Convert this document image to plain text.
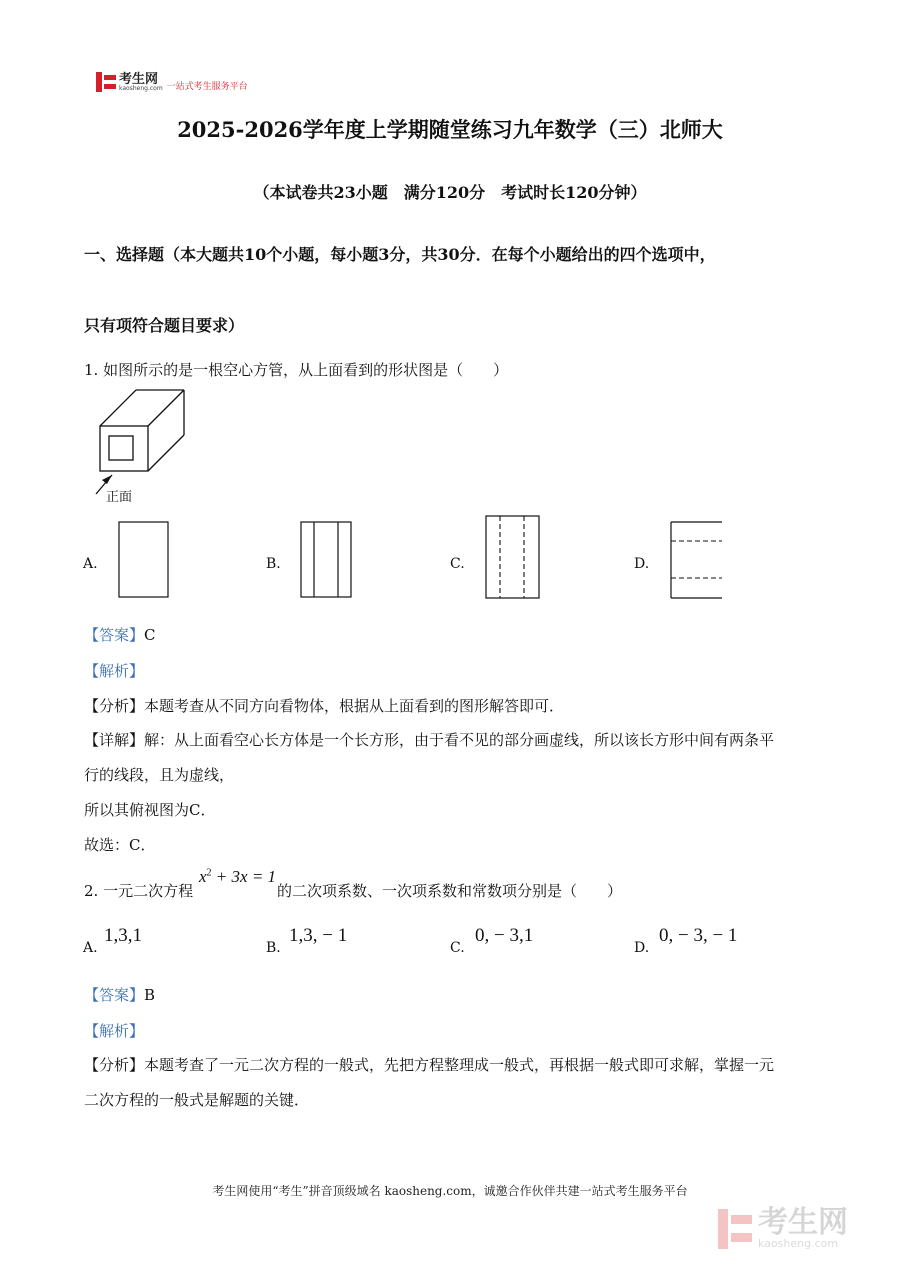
考生网
kaosheng.com 一站式考生服务平台
2025-2026学年度上学期随堂练习九年数学（三）北师大
（本试卷共23小题　满分120分　考试时长120分钟）
一、选择题（本大题共10个小题，每小题3分，共30分．在每个小题给出的四个选项中，
只有项符合题目要求）
1. 如图所示的是一根空心方管，从上面看到的形状图是（　　）
正面
A.	B.	C.	D.
【答案】C
【解析】
【分析】本题考查从不同方向看物体，根据从上面看到的图形解答即可．
【详解】解：从上面看空心长方体是一个长方形，由于看不见的部分画虚线，所以该长方形中间有两条平
行的线段，且为虚线，
所以其俯视图为C．
故选：C．
2. 一元二次方程
$x^2 + 3x = 1$
的二次项系数、一次项系数和常数项分别是（　　）
A.
1,3,1
B.
1,3, − 1
C.
0, − 3,1
D.
0, − 3, − 1
【答案】B
【解析】
【分析】本题考查了一元二次方程的一般式，先把方程整理成一般式，再根据一般式即可求解，掌握一元
二次方程的一般式是解题的关键．
考生网使用“考生”拼音顶级域名 kaosheng.com，诚邀合作伙伴共建一站式考生服务平台
考生网
kaosheng.com
